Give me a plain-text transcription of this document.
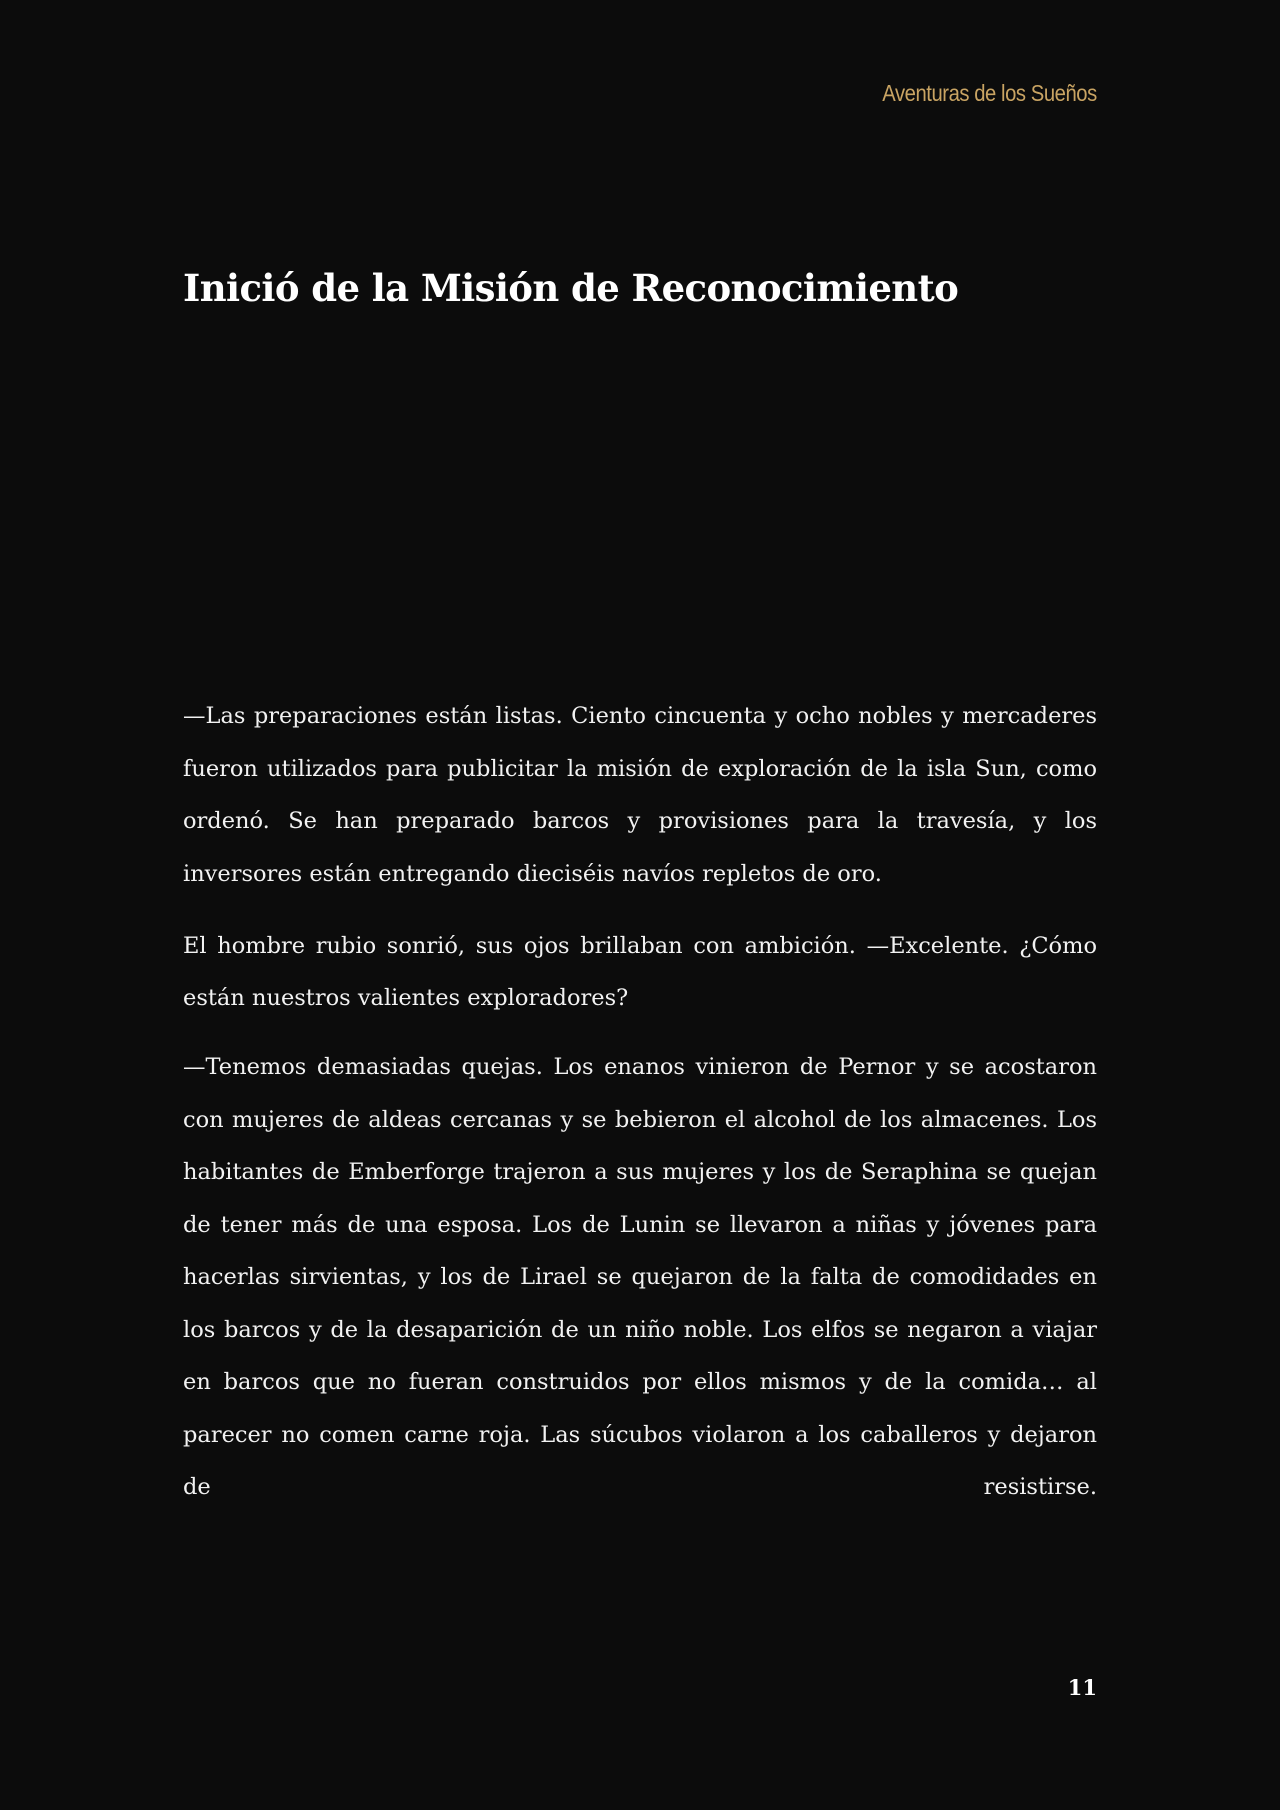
Aventuras de los Sueños
Inició de la Misión de Reconocimiento

—Las preparaciones están listas. Ciento cincuenta y ocho nobles y mercaderes fueron utilizados para publicitar la misión de exploración de la isla Sun, como ordenó. Se han preparado barcos y provisiones para la travesía, y los inversores están entregando dieciséis navíos repletos de oro.

El hombre rubio sonrió, sus ojos brillaban con ambición. —Excelente. ¿Cómo están nuestros valientes exploradores?

—Tenemos demasiadas quejas. Los enanos vinieron de Pernor y se acostaron con mujeres de aldeas cercanas y se bebieron el alcohol de los almacenes. Los habitantes de Emberforge trajeron a sus mujeres y los de Seraphina se quejan de tener más de una esposa. Los de Lunin se llevaron a niñas y jóvenes para hacerlas sirvientas, y los de Lirael se quejaron de la falta de comodidades en los barcos y de la desaparición de un niño noble. Los elfos se negaron a viajar en barcos que no fueran construidos por ellos mismos y de la comida… al parecer no comen carne roja. Las súcubos violaron a los caballeros y dejaron de resistirse.

11
